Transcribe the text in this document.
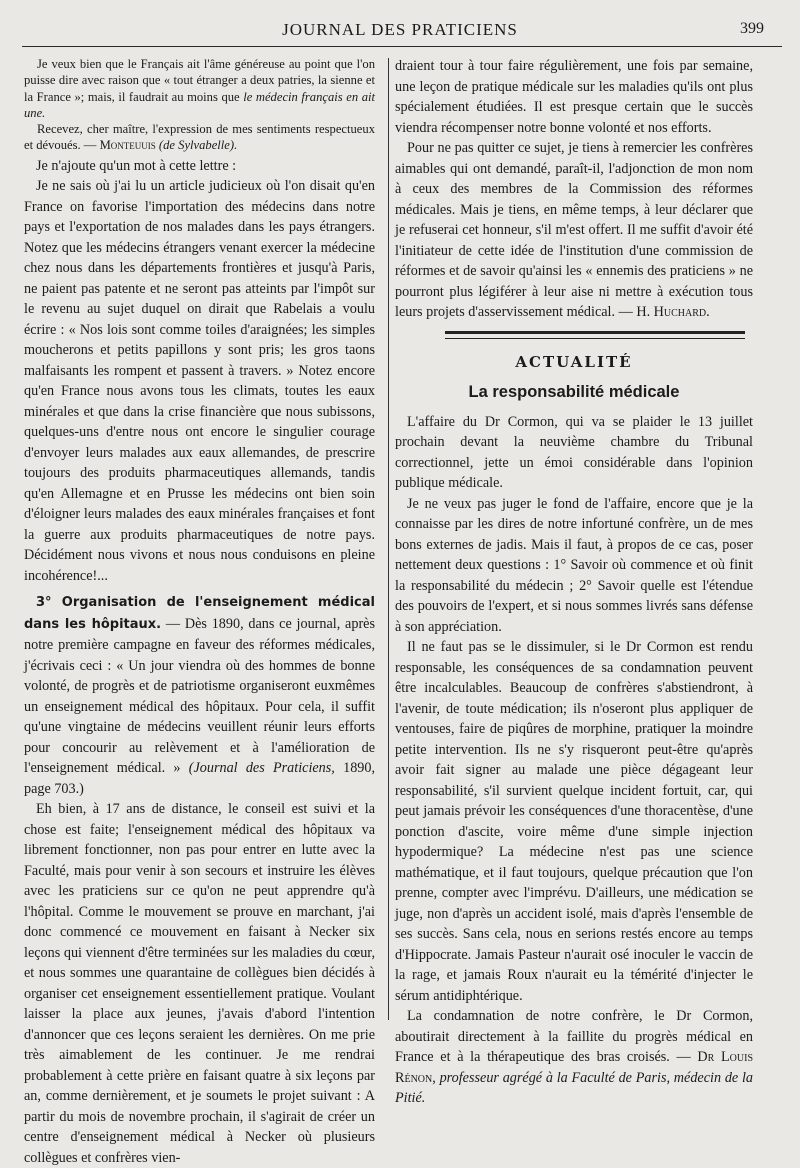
JOURNAL DES PRATICIENS	399

Je veux bien que le Français ait l'âme généreuse au point que l'on puisse dire avec raison que « tout étranger a deux patries, la sienne et la France »; mais, il faudrait au moins que le médecin français en ait une.

Recevez, cher maître, l'expression de mes sentiments respectueux et dévoués. — Monteuuis (de Sylvabelle).

Je n'ajoute qu'un mot à cette lettre :

Je ne sais où j'ai lu un article judicieux où l'on disait qu'en France on favorise l'importation des médecins dans notre pays et l'exportation de nos malades dans les pays étrangers. Notez que les médecins étrangers venant exercer la médecine chez nous dans les départements frontières et jusqu'à Paris, ne paient pas patente et ne seront pas atteints par l'impôt sur le revenu au sujet duquel on dirait que Rabelais a voulu écrire : « Nos lois sont comme toiles d'araignées; les simples moucherons et petits papillons y sont pris; les gros taons malfaisants les rompent et passent à travers. » Notez encore qu'en France nous avons tous les climats, toutes les eaux minérales et que dans la crise financière que nous subissons, quelques-uns d'entre nous ont encore le singulier courage d'envoyer leurs malades aux eaux allemandes, de prescrire toujours des produits pharmaceutiques allemands, tandis qu'en Allemagne et en Prusse les médecins ont bien soin d'éloigner leurs malades des eaux minérales françaises et font la guerre aux produits pharmaceutiques de notre pays. Décidément nous vivons et nous nous conduisons en pleine incohérence!...

3° Organisation de l'enseignement médical dans les hôpitaux. — Dès 1890, dans ce journal, après notre première campagne en faveur des réformes médicales, j'écrivais ceci : « Un jour viendra où des hommes de bonne volonté, de progrès et de patriotisme organiseront euxmêmes un enseignement médical des hôpitaux. Pour cela, il suffit qu'une vingtaine de médecins veuillent réunir leurs efforts pour concourir au relèvement et à l'amélioration de l'enseignement médical. » (Journal des Praticiens, 1890, page 703.)

Eh bien, à 17 ans de distance, le conseil est suivi et la chose est faite; l'enseignement médical des hôpitaux va librement fonctionner, non pas pour entrer en lutte avec la Faculté, mais pour venir à son secours et instruire les élèves avec les praticiens sur ce qu'on ne peut apprendre qu'à l'hôpital. Comme le mouvement se prouve en marchant, j'ai donc commencé ce mouvement en faisant à Necker six leçons qui viennent d'être terminées sur les maladies du cœur, et nous sommes une quarantaine de collègues bien décidés à organiser cet enseignement essentiellement pratique. Voulant laisser la place aux jeunes, j'avais d'abord l'intention d'annoncer que ces leçons seraient les dernières. On me prie très aimablement de les continuer. Je me rendrai probablement à cette prière en faisant quatre à six leçons par an, comme dernièrement, et je soumets le projet suivant : A partir du mois de novembre prochain, il s'agirait de créer un centre d'enseignement médical à Necker où plusieurs collègues et confrères vien-

draient tour à tour faire régulièrement, une fois par semaine, une leçon de pratique médicale sur les maladies qu'ils ont plus spécialement étudiées. Il est presque certain que le succès viendra récompenser notre bonne volonté et nos efforts.

Pour ne pas quitter ce sujet, je tiens à remercier les confrères aimables qui ont demandé, paraît-il, l'adjonction de mon nom à ceux des membres de la Commission des réformes médicales. Mais je tiens, en même temps, à leur déclarer que je refuserai cet honneur, s'il m'est offert. Il me suffit d'avoir été l'initiateur de cette idée de l'institution d'une commission de réformes et de savoir qu'ainsi les « ennemis des praticiens » ne pourront plus légiférer à leur aise ni mettre à exécution tous leurs projets d'asservissement médical. — H. Huchard.

ACTUALITÉ
La responsabilité médicale

L'affaire du Dr Cormon, qui va se plaider le 13 juillet prochain devant la neuvième chambre du Tribunal correctionnel, jette un émoi considérable dans l'opinion publique médicale.

Je ne veux pas juger le fond de l'affaire, encore que je la connaisse par les dires de notre infortuné confrère, un de mes bons externes de jadis. Mais il faut, à propos de ce cas, poser nettement deux questions : 1° Savoir où commence et où finit la responsabilité du médecin ; 2° Savoir quelle est l'étendue des pouvoirs de l'expert, et si nous sommes livrés sans défense à son appréciation.

Il ne faut pas se le dissimuler, si le Dr Cormon est rendu responsable, les conséquences de sa condamnation peuvent être incalculables. Beaucoup de confrères s'abstiendront, à l'avenir, de toute médication; ils n'oseront plus appliquer de ventouses, faire de piqûres de morphine, pratiquer la moindre petite intervention. Ils ne s'y risqueront peut-être qu'après avoir fait signer au malade une pièce dégageant leur responsabilité, s'il survient quelque incident fortuit, car, qui peut jamais prévoir les conséquences d'une thoracentèse, d'une ponction d'ascite, voire même d'une simple injection hypodermique? La médecine n'est pas une science mathématique, et il faut toujours, quelque précaution que l'on prenne, compter avec l'imprévu. D'ailleurs, une médication se juge, non d'après un accident isolé, mais d'après l'ensemble de ses succès. Sans cela, nous en serions restés encore au temps d'Hippocrate. Jamais Pasteur n'aurait osé inoculer le vaccin de la rage, et jamais Roux n'aurait eu la témérité d'injecter le sérum antidiphtérique.

La condamnation de notre confrère, le Dr Cormon, aboutirait directement à la faillite du progrès médical en France et à la thérapeutique des bras croisés. — Dr Louis Rénon, professeur agrégé à la Faculté de Paris, médecin de la Pitié.
